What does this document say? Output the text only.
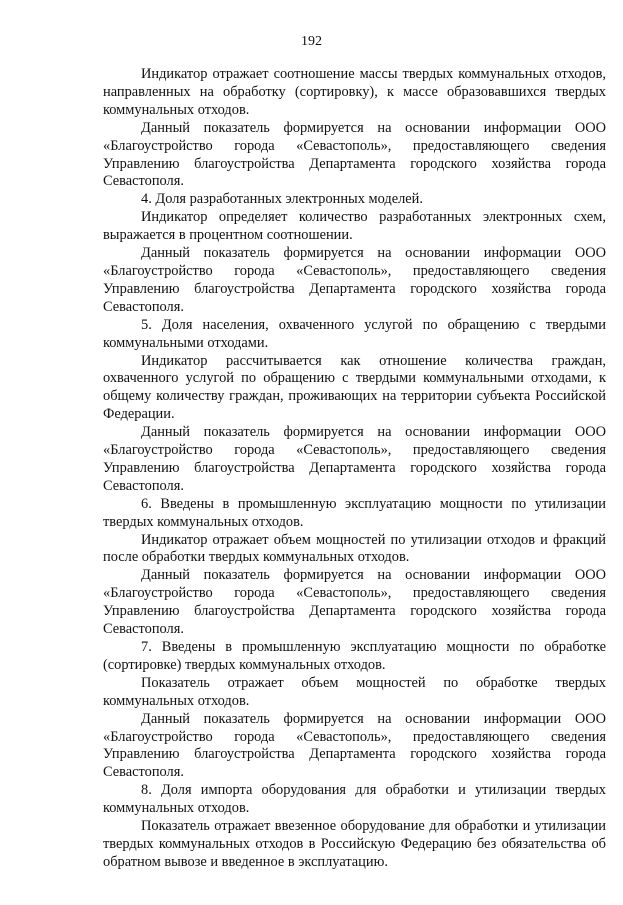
192

Индикатор отражает соотношение массы твердых коммунальных отходов, направленных на обработку (сортировку), к массе образовавшихся твердых коммунальных отходов.

Данный показатель формируется на основании информации ООО «Благоустройство города «Севастополь», предоставляющего сведения Управлению благоустройства Департамента городского хозяйства города Севастополя.

4. Доля разработанных электронных моделей.

Индикатор определяет количество разработанных электронных схем, выражается в процентном соотношении.

Данный показатель формируется на основании информации ООО «Благоустройство города «Севастополь», предоставляющего сведения Управлению благоустройства Департамента городского хозяйства города Севастополя.

5. Доля населения, охваченного услугой по обращению с твердыми коммунальными отходами.

Индикатор рассчитывается как отношение количества граждан, охваченного услугой по обращению с твердыми коммунальными отходами, к общему количеству граждан, проживающих на территории субъекта Российской Федерации.

Данный показатель формируется на основании информации ООО «Благоустройство города «Севастополь», предоставляющего сведения Управлению благоустройства Департамента городского хозяйства города Севастополя.

6. Введены в промышленную эксплуатацию мощности по утилизации твердых коммунальных отходов.

Индикатор отражает объем мощностей по утилизации отходов и фракций после обработки твердых коммунальных отходов.

Данный показатель формируется на основании информации ООО «Благоустройство города «Севастополь», предоставляющего сведения Управлению благоустройства Департамента городского хозяйства города Севастополя.

7. Введены в промышленную эксплуатацию мощности по обработке (сортировке) твердых коммунальных отходов.

Показатель отражает объем мощностей по обработке твердых коммунальных отходов.

Данный показатель формируется на основании информации ООО «Благоустройство города «Севастополь», предоставляющего сведения Управлению благоустройства Департамента городского хозяйства города Севастополя.

8. Доля импорта оборудования для обработки и утилизации твердых коммунальных отходов.

Показатель отражает ввезенное оборудование для обработки и утилизации твердых коммунальных отходов в Российскую Федерацию без обязательства об обратном вывозе и введенное в эксплуатацию.
